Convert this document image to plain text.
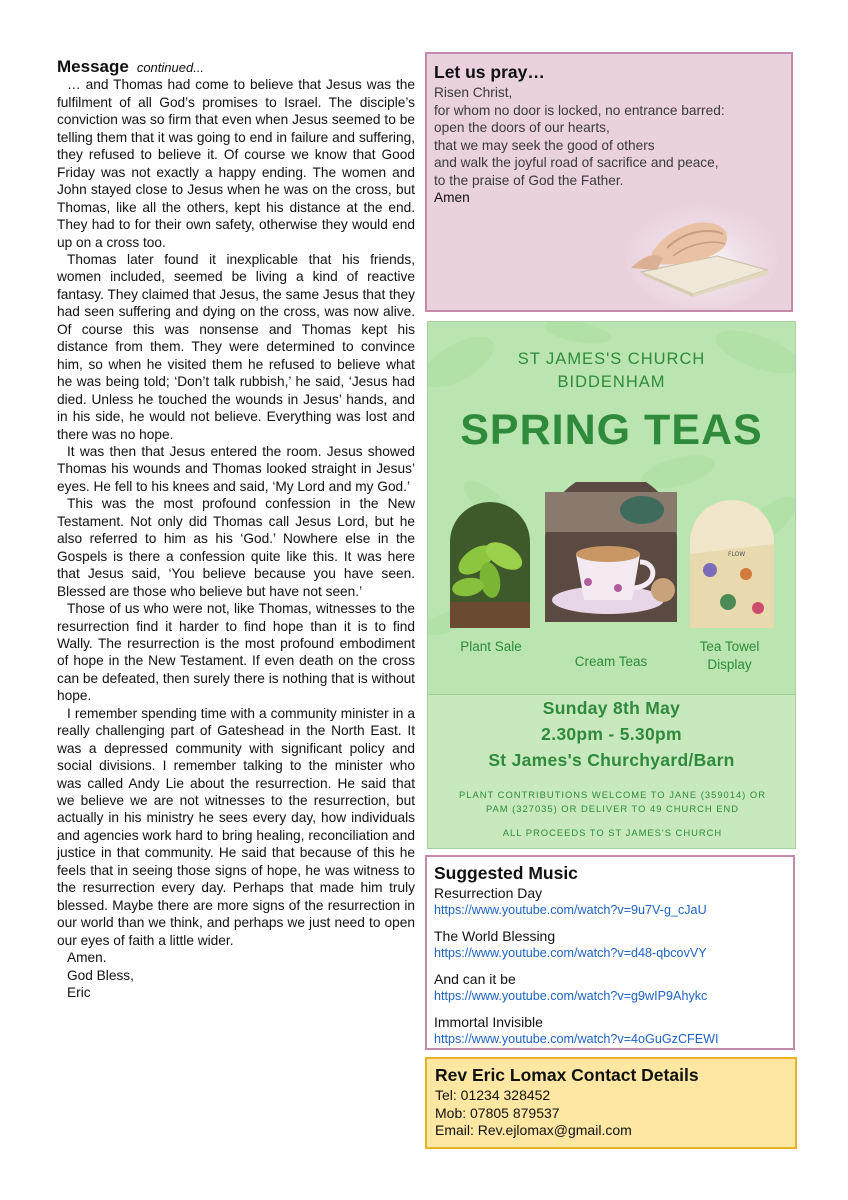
Message continued...

… and Thomas had come to believe that Jesus was the fulfilment of all God’s promises to Israel. The disciple’s conviction was so firm that even when Jesus seemed to be telling them that it was going to end in failure and suffering, they refused to believe it. Of course we know that Good Friday was not exactly a happy ending. The women and John stayed close to Jesus when he was on the cross, but Thomas, like all the others, kept his distance at the end. They had to for their own safety, otherwise they would end up on a cross too.

Thomas later found it inexplicable that his friends, women included, seemed be living a kind of reactive fantasy. They claimed that Jesus, the same Jesus that they had seen suffering and dying on the cross, was now alive. Of course this was nonsense and Thomas kept his distance from them. They were determined to convince him, so when he visited them he refused to believe what he was being told; ‘Don’t talk rubbish,’ he said, ‘Jesus had died. Unless he touched the wounds in Jesus’ hands, and in his side, he would not believe. Everything was lost and there was no hope.

It was then that Jesus entered the room. Jesus showed Thomas his wounds and Thomas looked straight in Jesus’ eyes. He fell to his knees and said, ‘My Lord and my God.’

This was the most profound confession in the New Testament. Not only did Thomas call Jesus Lord, but he also referred to him as his ‘God.’ Nowhere else in the Gospels is there a confession quite like this. It was here that Jesus said, ‘You believe because you have seen. Blessed are those who believe but have not seen.’

Those of us who were not, like Thomas, witnesses to the resurrection find it harder to find hope than it is to find Wally. The resurrection is the most profound embodiment of hope in the New Testament. If even death on the cross can be defeated, then surely there is nothing that is without hope.

I remember spending time with a community minister in a really challenging part of Gateshead in the North East. It was a depressed community with significant policy and social divisions. I remember talking to the minister who was called Andy Lie about the resurrection. He said that we believe we are not witnesses to the resurrection, but actually in his ministry he sees every day, how individuals and agencies work hard to bring healing, reconciliation and justice in that community. He said that because of this he feels that in seeing those signs of hope, he was witness to the resurrection every day. Perhaps that made him truly blessed. Maybe there are more signs of the resurrection in our world than we think, and perhaps we just need to open our eyes of faith a little wider.

Amen.

God Bless,

Eric

Let us pray…
Risen Christ,
for whom no door is locked, no entrance barred:
open the doors of our hearts,
that we may seek the good of others
and walk the joyful road of sacrifice and peace,
to the praise of God the Father.
Amen
ST JAMES'S CHURCH
BIDDENHAM
SPRING TEAS
FLOW
Plant Sale
Cream Teas
Tea Towel
Display
Sunday 8th May
2.30pm - 5.30pm
St James's Churchyard/Barn
PLANT CONTRIBUTIONS WELCOME TO JANE (359014) OR PAM (327035) OR DELIVER TO 49 CHURCH END
ALL PROCEEDS TO ST JAMES'S CHURCH
Suggested Music
Resurrection Day
https://www.youtube.com/watch?v=9u7V-g_cJaU
The World Blessing
https://www.youtube.com/watch?v=d48-qbcovVY
And can it be
https://www.youtube.com/watch?v=g9wIP9Ahykc
Immortal Invisible
https://www.youtube.com/watch?v=4oGuGzCFEWI
Rev Eric Lomax Contact Details
Tel: 01234 328452
Mob: 07805 879537
Email: Rev.ejlomax@gmail.com
